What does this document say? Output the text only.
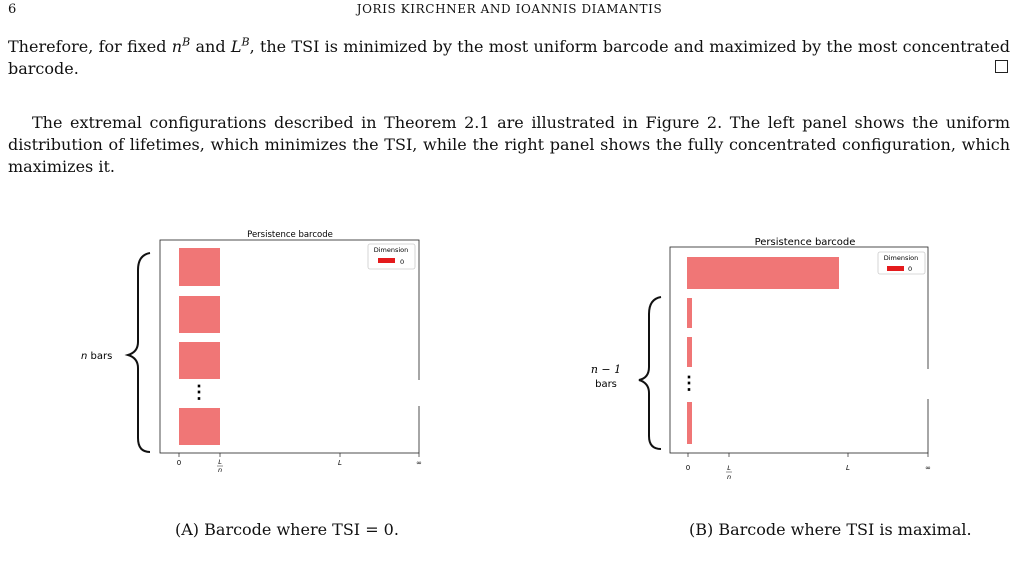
6	JORIS KIRCHNER AND IOANNIS DIAMANTIS
Therefore, for fixed $n^B$ and $L^B$, the TSI is minimized by the most uniform barcode and maximized by the most concentrated barcode.
The extremal configurations described in Theorem 2.1 are illustrated in Figure 2. The left panel shows the uniform distribution of lifetimes, which minimizes the TSI, while the right panel shows the fully concentrated configuration, which maximizes it.
Persistence barcode
⋮
Dimension
0
n bars
0	L
n
L	∞
Persistence barcode
⋮
Dimension
0
n − 1
bars
0	L
n
L	∞
(A) Barcode where TSI = 0.	(B) Barcode where TSI is maximal.
